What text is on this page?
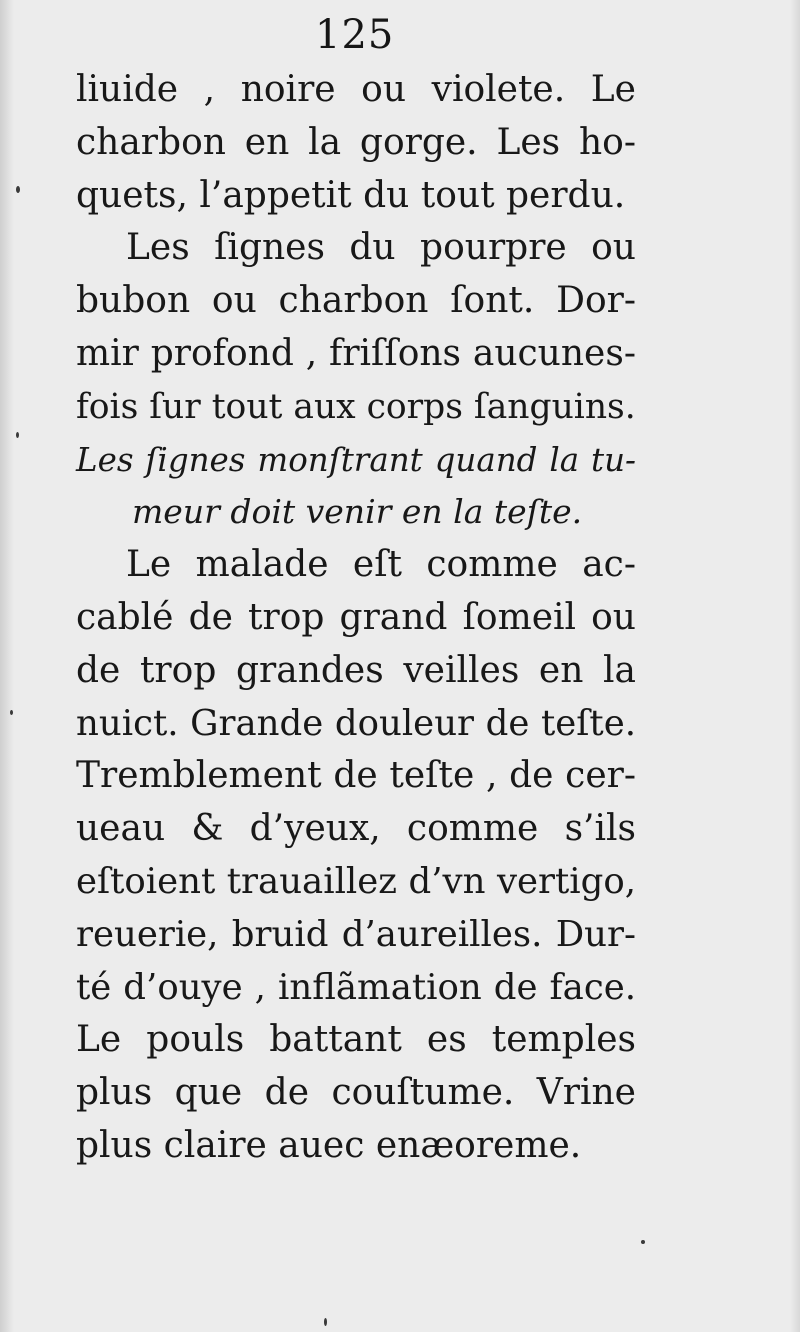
125
liuide , noire ou violete. Le
charbon en la gorge. Les ho-
quets, l’appetit du tout perdu.
Les ſignes du pourpre ou
bubon ou charbon ſont. Dor-
mir profond , friſſons aucunes-
fois ſur tout aux corps ſanguins.
Les ſignes monſtrant quand la tu-
meur doit venir en la teſte.
Le malade eſt comme ac-
cablé de trop grand ſomeil ou
de trop grandes veilles en la
nuict. Grande douleur de teſte.
Tremblement de teſte , de cer-
ueau & d’yeux, comme s’ils
eſtoient trauaillez d’vn vertigo,
reuerie, bruid d’aureilles. Dur-
té d’ouye , inflãmation de face.
Le pouls battant es temples
plus que de couſtume. Vrine
plus claire auec enæoreme.
